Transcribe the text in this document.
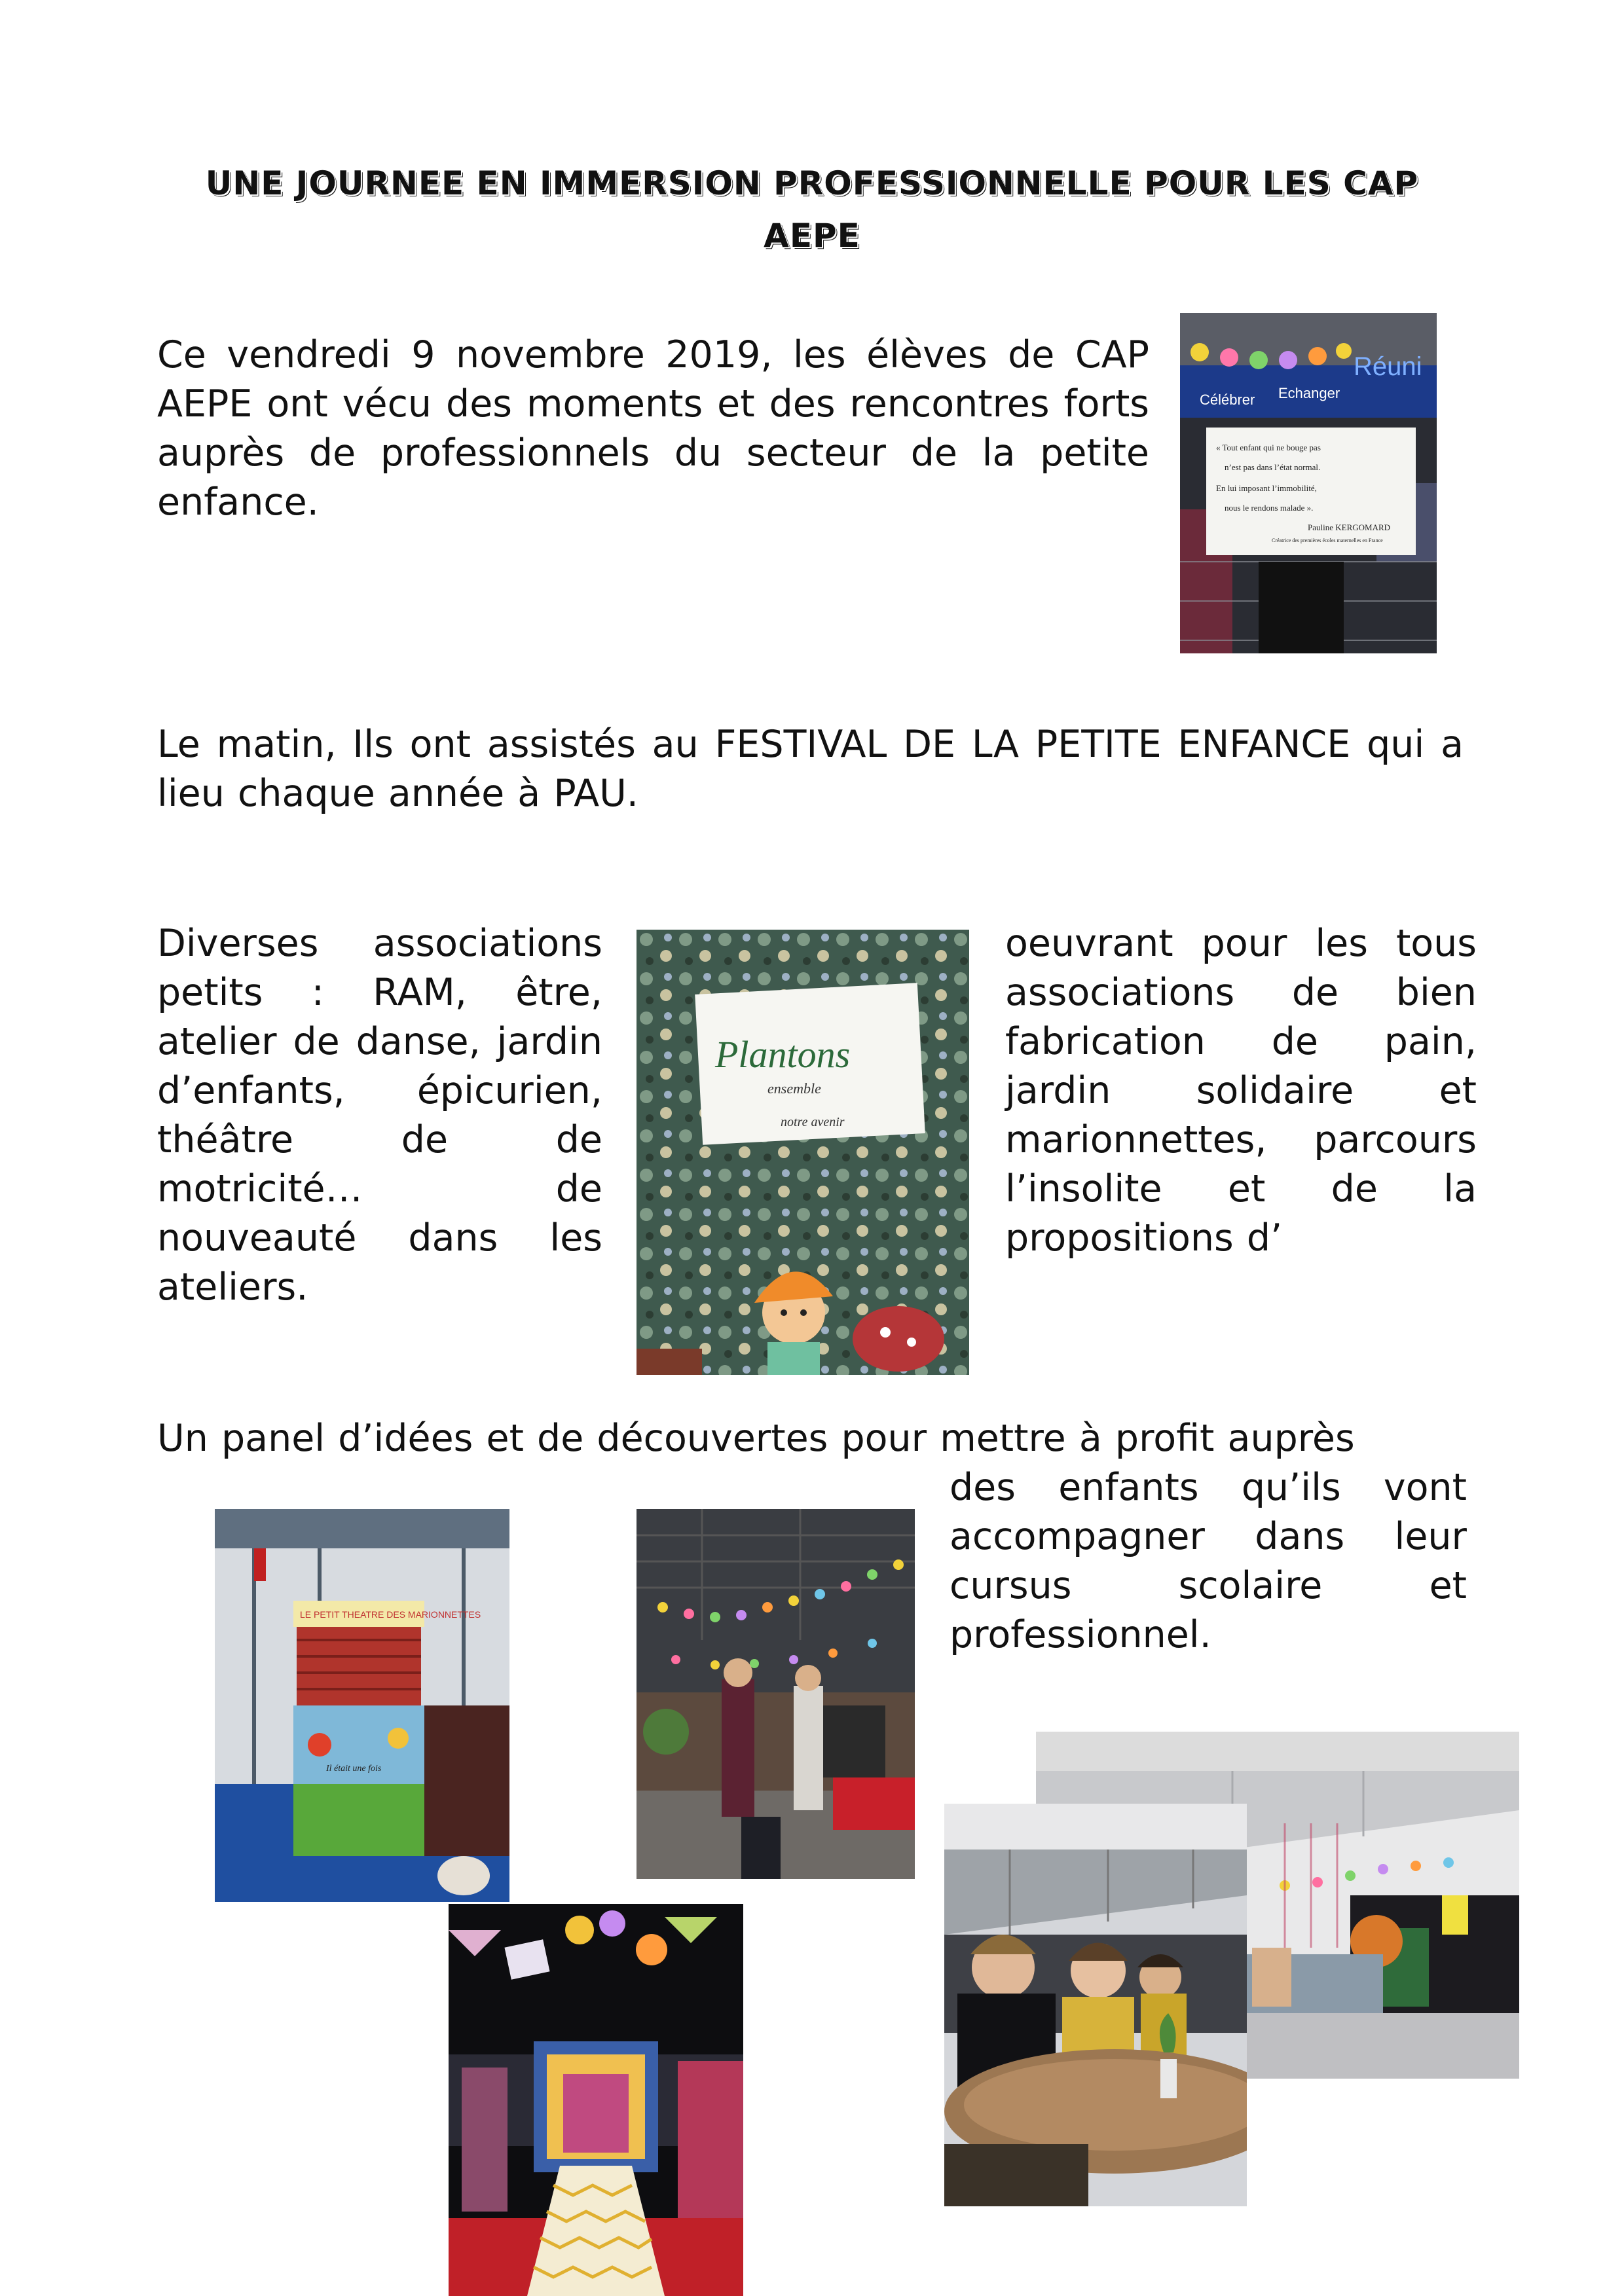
UNE JOURNEE EN IMMERSION PROFESSIONNELLE POUR LES CAP
AEPE
Ce vendredi 9 novembre 2019, les élèves de CAP AEPE ont vécu des moments et des rencontres forts auprès de professionnels du secteur de la petite enfance.
Célébrer Echanger
Réuni
« Tout enfant qui ne bouge pas
n’est pas dans l’état normal.
En lui imposant l’immobilité,
nous le rendons malade ».
Pauline KERGOMARD
Créatrice des premières écoles maternelles en France
Le matin, Ils ont assistés au FESTIVAL DE LA PETITE ENFANCE qui a lieu chaque année à PAU.
Diverses associations petits : RAM, être, atelier de danse, jardin d’enfants, épicurien, théâtre de de motricité… de nouveauté dans les ateliers.
Plantons
ensemble
notre avenir
oeuvrant pour les tous associations de bien fabrication de pain, jardin solidaire et marionnettes, parcours l’insolite et de la propositions d’
Un panel d’idées et de découvertes pour mettre à profit auprès
des enfants qu’ils vont accompagner dans leur cursus scolaire et professionnel.
LE PETIT THEATRE DES MARIONNETTES
Il était une fois
